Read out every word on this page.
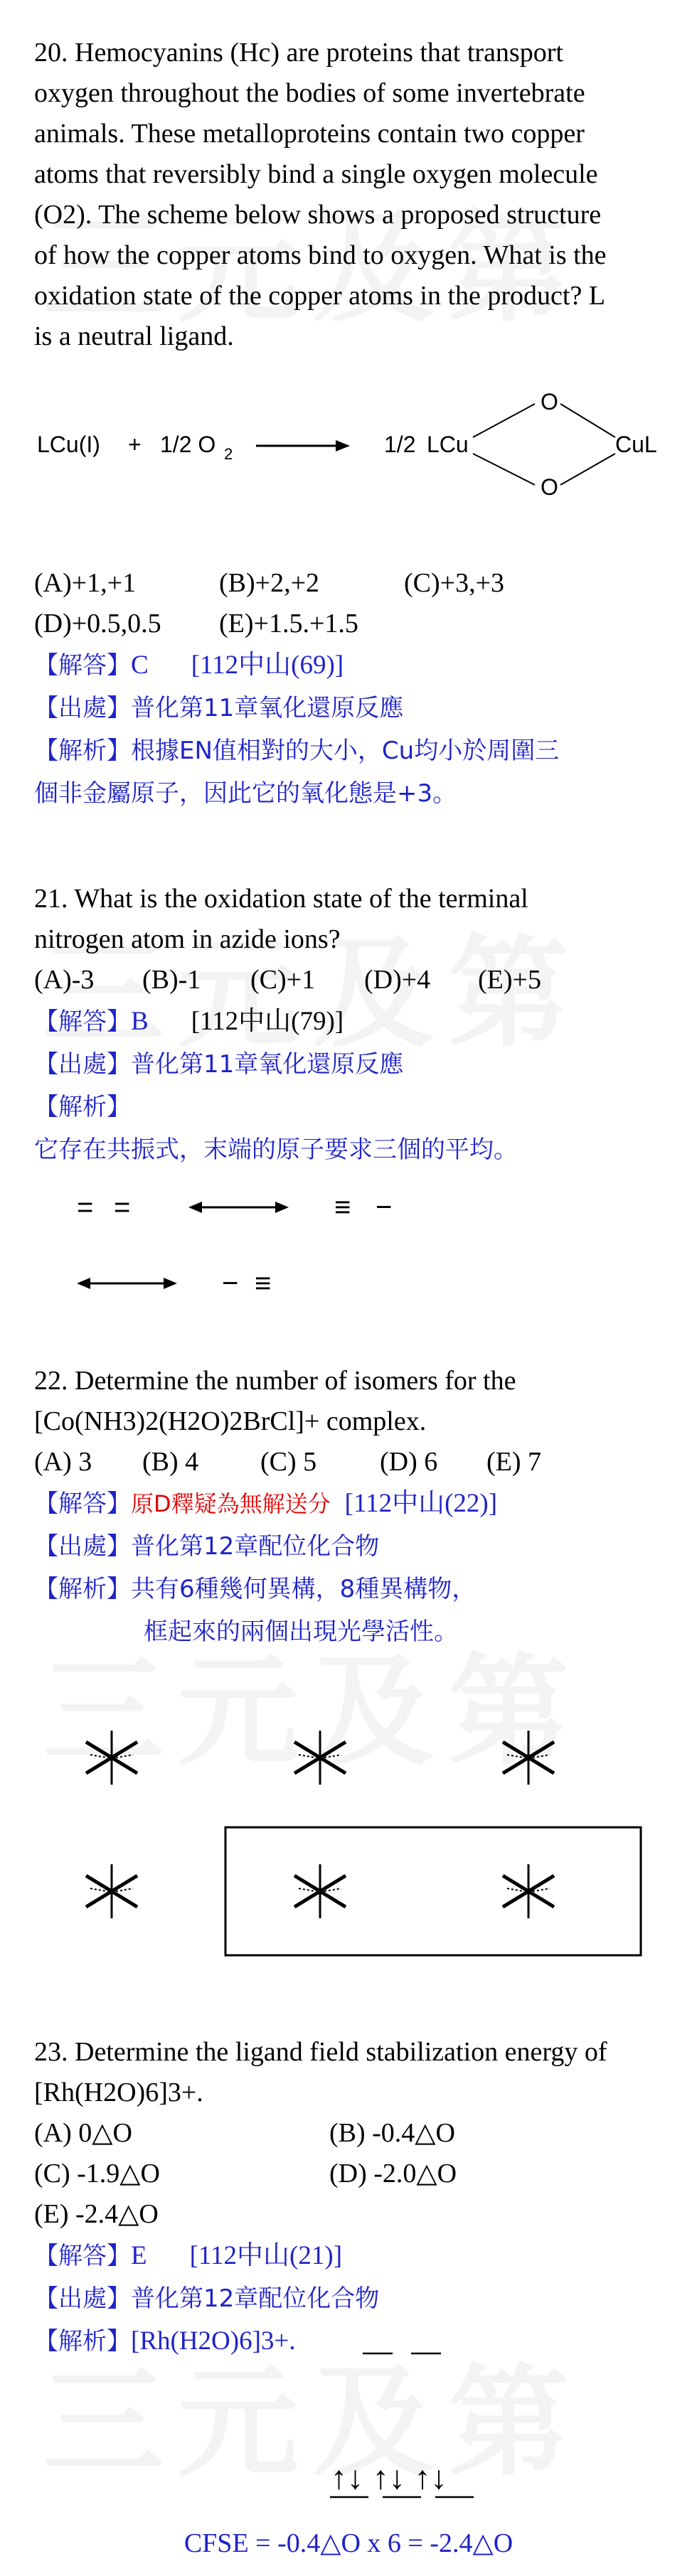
20. Hemocyanins (Hc) are proteins that transport

oxygen throughout the bodies of some invertebrate

animals. These metalloproteins contain two copper

atoms that reversibly bind a single oxygen molecule

(O2). The scheme below shows a proposed structure

of how the copper atoms bind to oxygen. What is the

oxidation state of the copper atoms in the product? L

is a neutral ligand.

LCu(I) + 1/2 O 2	1/2 LCu
O
O
CuL
(A)+1,+1	(B)+2,+2	(C)+3,+3
(D)+0.5,0.5	(E)+1.5.+1.5
【解答】C [112中山(69)]
【出處】普化第11章氧化還原反應
【解析】根據EN值相對的大小，Cu均小於周圍三
個非金屬原子，因此它的氧化態是+3。

21. What is the oxidation state of the terminal

nitrogen atom in azide ions?

(A)-3	(B)-1	(C)+1	(D)+4	(E)+5
【解答】B [112中山(79)]
【出處】普化第11章氧化還原反應
【解析】
它存在共振式，末端的原子要求三個的平均。
= =	≡ −
− ≡

22. Determine the number of isomers for the

[Co(NH3)2(H2O)2BrCl]+ complex.

(A) 3	(B) 4	(C) 5	(D) 6	(E) 7
【解答】原D釋疑為無解送分 [112中山(22)]
【出處】普化第12章配位化合物
【解析】共有6種幾何異構，8種異構物，
框起來的兩個出現光學活性。

23. Determine the ligand field stabilization energy of

[Rh(H2O)6]3+.

(A) 0△O	(B) -0.4△O
(C) -1.9△O	(D) -2.0△O
(E) -2.4△O
【解答】E [112中山(21)]
【出處】普化第12章配位化合物
【解析】[Rh(H2O)6]3+.
↑↓ ↑↓ ↑↓
CFSE = -0.4△O x 6 = -2.4△O
